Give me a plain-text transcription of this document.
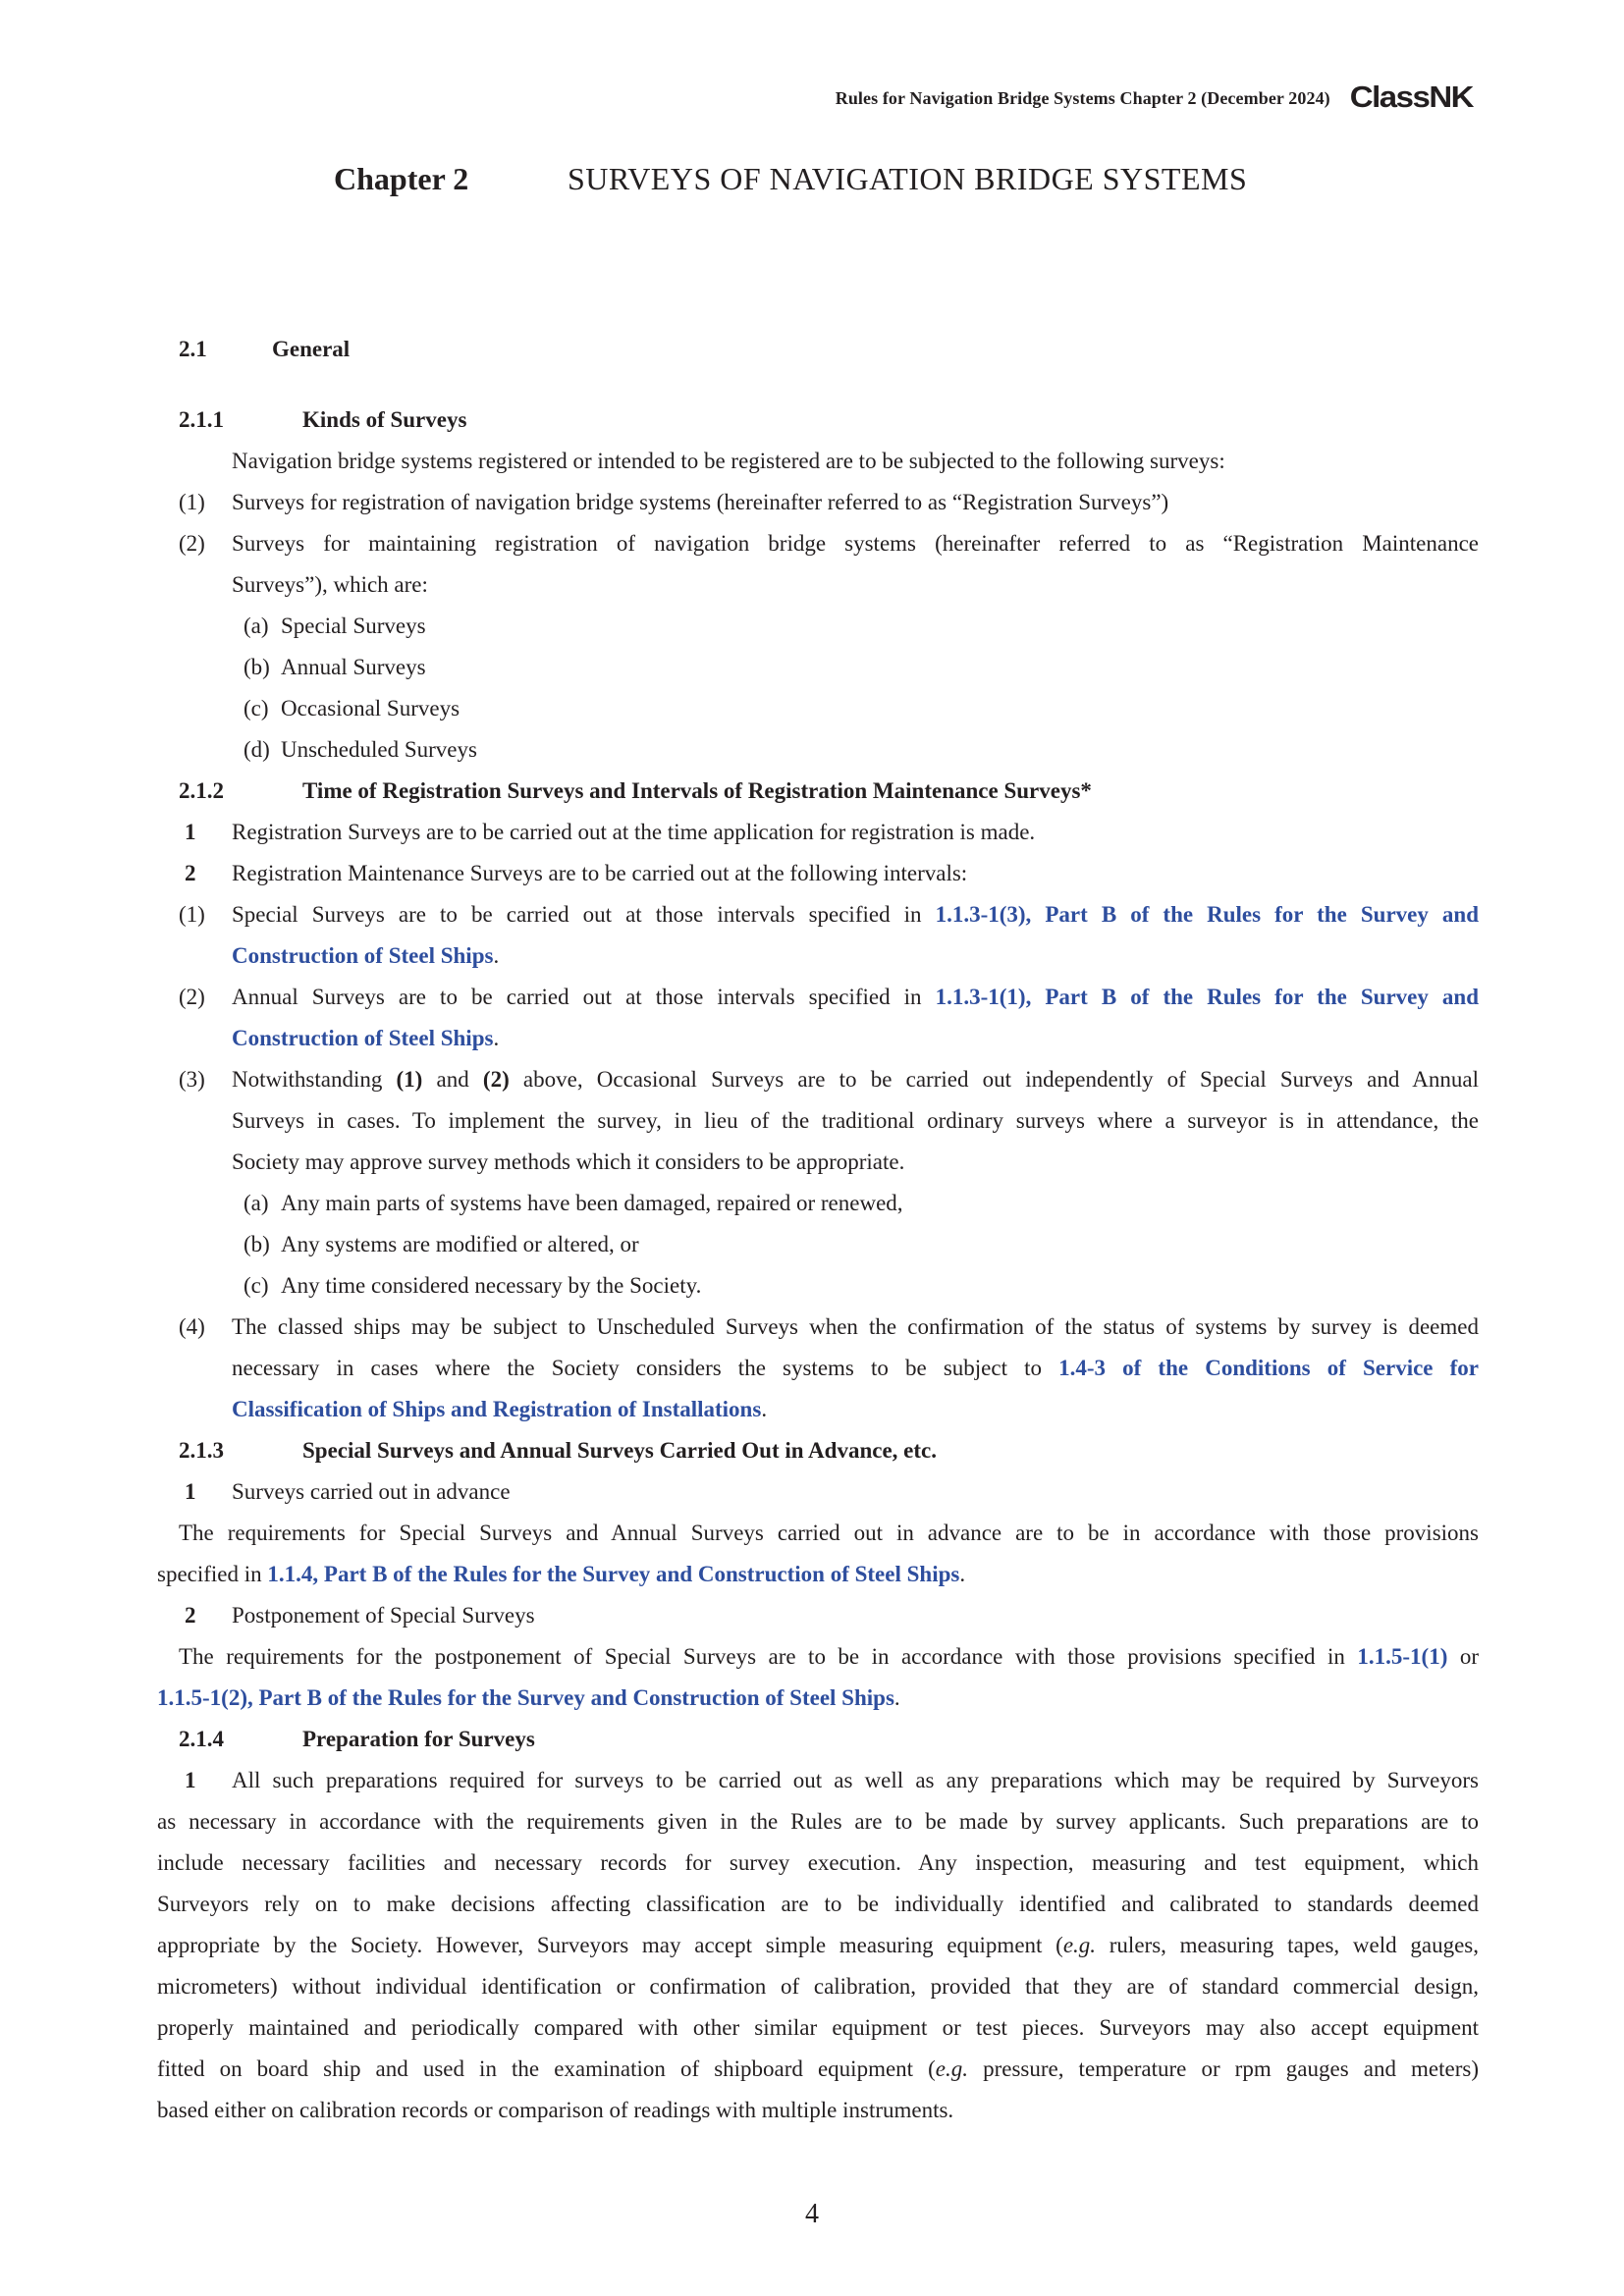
Rules for Navigation Bridge Systems Chapter 2 (December 2024) ClassNK
Chapter 2	SURVEYS OF NAVIGATION BRIDGE SYSTEMS
2.1	General
2.1.1	Kinds of Surveys
Navigation bridge systems registered or intended to be registered are to be subjected to the following surveys:
(1) Surveys for registration of navigation bridge systems (hereinafter referred to as “Registration Surveys”)
(2) Surveys for maintaining registration of navigation bridge systems (hereinafter referred to as “Registration Maintenance
Surveys”), which are:
(a) Special Surveys
(b) Annual Surveys
(c) Occasional Surveys
(d) Unscheduled Surveys
2.1.2	Time of Registration Surveys and Intervals of Registration Maintenance Surveys*
1 Registration Surveys are to be carried out at the time application for registration is made.
2 Registration Maintenance Surveys are to be carried out at the following intervals:
(1) Special Surveys are to be carried out at those intervals specified in 1.1.3-1(3), Part B of the Rules for the Survey and
Construction of Steel Ships.
(2) Annual Surveys are to be carried out at those intervals specified in 1.1.3-1(1), Part B of the Rules for the Survey and
Construction of Steel Ships.
(3) Notwithstanding (1) and (2) above, Occasional Surveys are to be carried out independently of Special Surveys and Annual
Surveys in cases. To implement the survey, in lieu of the traditional ordinary surveys where a surveyor is in attendance, the
Society may approve survey methods which it considers to be appropriate.
(a) Any main parts of systems have been damaged, repaired or renewed,
(b) Any systems are modified or altered, or
(c) Any time considered necessary by the Society.
(4) The classed ships may be subject to Unscheduled Surveys when the confirmation of the status of systems by survey is deemed
necessary in cases where the Society considers the systems to be subject to 1.4-3 of the Conditions of Service for
Classification of Ships and Registration of Installations.
2.1.3	Special Surveys and Annual Surveys Carried Out in Advance, etc.
1 Surveys carried out in advance
The requirements for Special Surveys and Annual Surveys carried out in advance are to be in accordance with those provisions
specified in 1.1.4, Part B of the Rules for the Survey and Construction of Steel Ships.
2 Postponement of Special Surveys
The requirements for the postponement of Special Surveys are to be in accordance with those provisions specified in 1.1.5-1(1) or
1.1.5-1(2), Part B of the Rules for the Survey and Construction of Steel Ships.
2.1.4	Preparation for Surveys
1 All such preparations required for surveys to be carried out as well as any preparations which may be required by Surveyors
as necessary in accordance with the requirements given in the Rules are to be made by survey applicants. Such preparations are to
include necessary facilities and necessary records for survey execution. Any inspection, measuring and test equipment, which
Surveyors rely on to make decisions affecting classification are to be individually identified and calibrated to standards deemed
appropriate by the Society. However, Surveyors may accept simple measuring equipment (e.g. rulers, measuring tapes, weld gauges,
micrometers) without individual identification or confirmation of calibration, provided that they are of standard commercial design,
properly maintained and periodically compared with other similar equipment or test pieces. Surveyors may also accept equipment
fitted on board ship and used in the examination of shipboard equipment (e.g. pressure, temperature or rpm gauges and meters)
based either on calibration records or comparison of readings with multiple instruments.
4
